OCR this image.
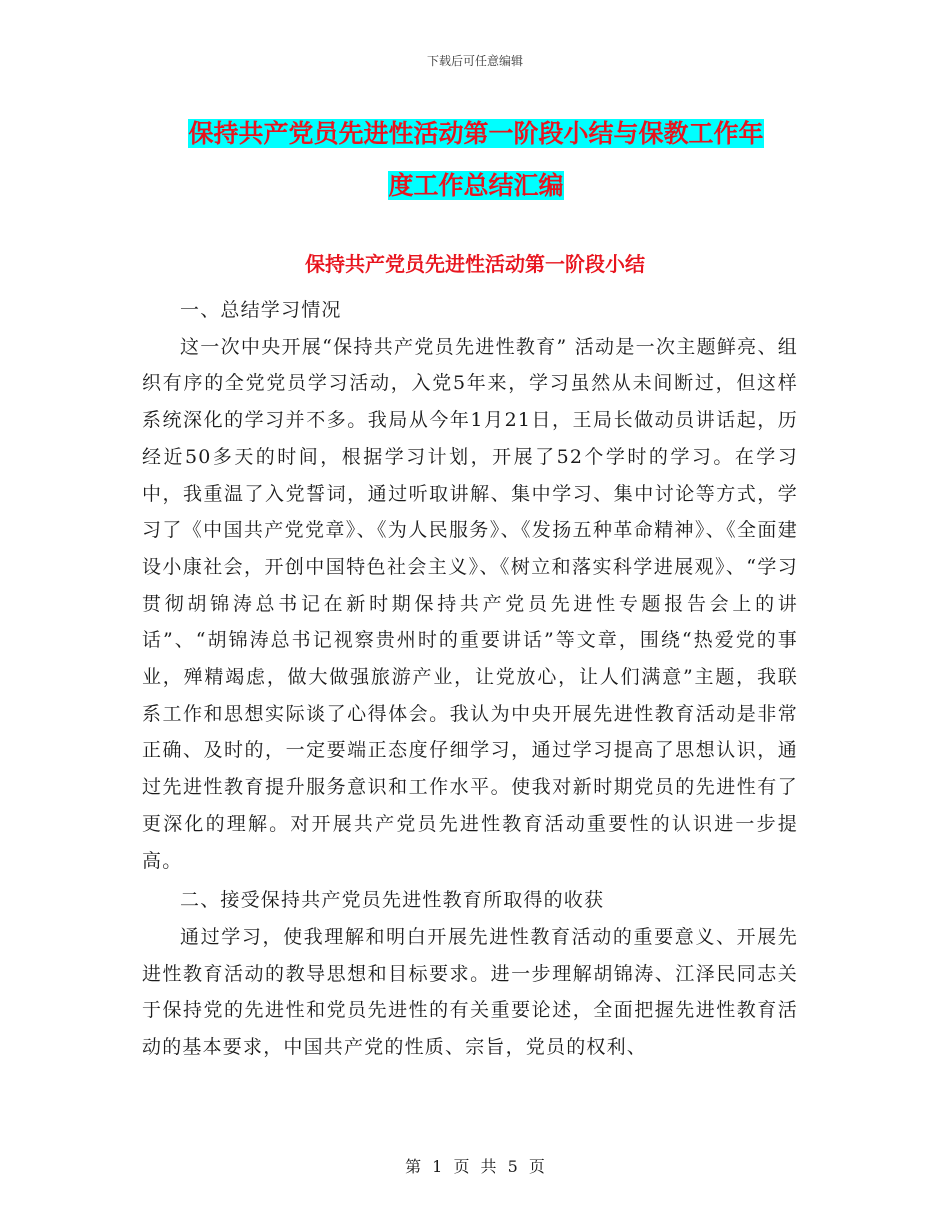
下载后可任意编辑
保持共产党员先进性活动第一阶段小结与保教工作年
度工作总结汇编
保持共产党员先进性活动第一阶段小结

一、总结学习情况

这一次中央开展“保持共产党员先进性教育” 活动是一次主题鲜亮、组织有序的全党党员学习活动，入党5年来，学习虽然从未间断过，但这样系统深化的学习并不多。我局从今年1月21日，王局长做动员讲话起，历经近50多天的时间，根据学习计划，开展了52个学时的学习。在学习中，我重温了入党誓词，通过听取讲解、集中学习、集中讨论等方式，学习了《中国共产党党章》、《为人民服务》、《发扬五种革命精神》、《全面建设小康社会，开创中国特色社会主义》、《树立和落实科学进展观》、“学习贯彻胡锦涛总书记在新时期保持共产党员先进性专题报告会上的讲话”、“胡锦涛总书记视察贵州时的重要讲话”等文章，围绕“热爱党的事业，殚精竭虑，做大做强旅游产业，让党放心，让人们满意”主题，我联系工作和思想实际谈了心得体会。我认为中央开展先进性教育活动是非常正确、及时的，一定要端正态度仔细学习，通过学习提高了思想认识，通过先进性教育提升服务意识和工作水平。使我对新时期党员的先进性有了更深化的理解。对开展共产党员先进性教育活动重要性的认识进一步提高。

二、接受保持共产党员先进性教育所取得的收获

通过学习，使我理解和明白开展先进性教育活动的重要意义、开展先进性教育活动的教导思想和目标要求。进一步理解胡锦涛、江泽民同志关于保持党的先进性和党员先进性的有关重要论述，全面把握先进性教育活动的基本要求，中国共产党的性质、宗旨，党员的权利、

第 1 页 共 5 页
